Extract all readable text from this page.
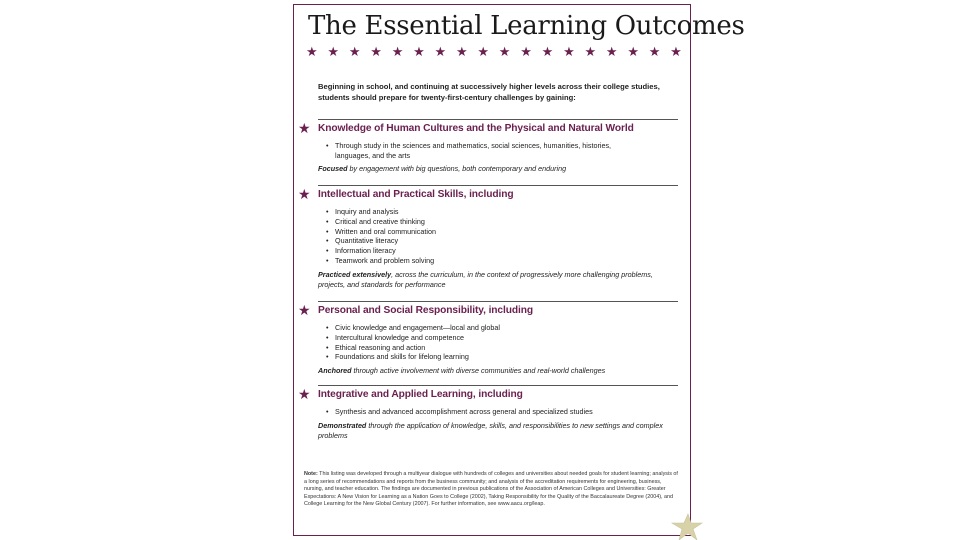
The Essential Learning Outcomes
★ ★ ★ ★ ★ ★ ★ ★ ★ ★ ★ ★ ★ ★ ★ ★ ★ ★
Beginning in school, and continuing at successively higher levels across their college studies, students should prepare for twenty-first-century challenges by gaining:
★ Knowledge of Human Cultures and the Physical and Natural World
• Through study in the sciences and mathematics, social sciences, humanities, histories, languages, and the arts
Focused by engagement with big questions, both contemporary and enduring
★ Intellectual and Practical Skills, including
• Inquiry and analysis
• Critical and creative thinking
• Written and oral communication
• Quantitative literacy
• Information literacy
• Teamwork and problem solving
Practiced extensively, across the curriculum, in the context of progressively more challenging problems, projects, and standards for performance
★ Personal and Social Responsibility, including
• Civic knowledge and engagement—local and global
• Intercultural knowledge and competence
• Ethical reasoning and action
• Foundations and skills for lifelong learning
Anchored through active involvement with diverse communities and real-world challenges
★ Integrative and Applied Learning, including
• Synthesis and advanced accomplishment across general and specialized studies
Demonstrated through the application of knowledge, skills, and responsibilities to new settings and complex problems
Note: This listing was developed through a multiyear dialogue with hundreds of colleges and universities about needed goals for student learning; analysis of a long series of recommendations and reports from the business community; and analysis of the accreditation requirements for engineering, business, nursing, and teacher education. The findings are documented in previous publications of the Association of American Colleges and Universities: Greater Expectations: A New Vision for Learning as a Nation Goes to College (2002), Taking Responsibility for the Quality of the Baccalaureate Degree (2004), and College Learning for the New Global Century (2007). For further information, see www.aacu.org/leap.
